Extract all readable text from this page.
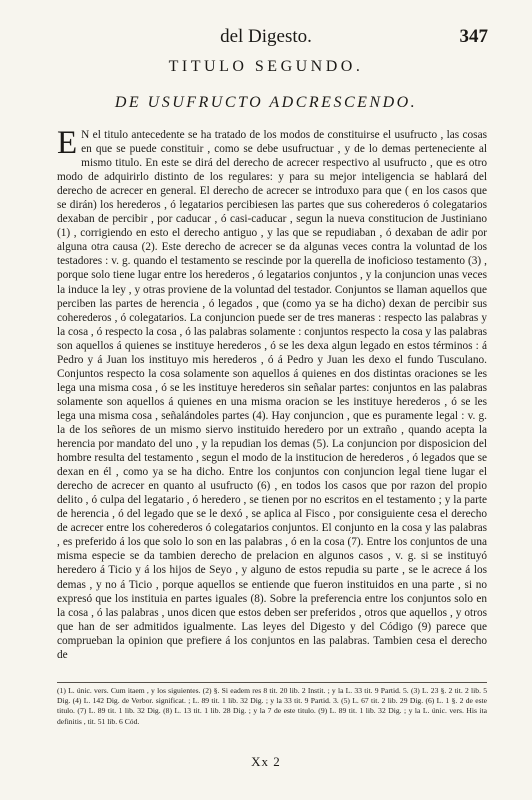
del Digesto.	347
TITULO SEGUNDO.
DE USUFRUCTO ADCRESCENDO.
E N el titulo antecedente se ha tratado de los modos de constituirse el usufructo , las cosas en que se puede constituir , como se debe usufructuar , y de lo demas perteneciente al mismo titulo. En este se dirá del derecho de acrecer respectivo al usufructo , que es otro modo de adquirirlo distinto de los regulares: y para su mejor inteligencia se hablará del derecho de acrecer en general. El derecho de acrecer se introduxo para que ( en los casos que se dirán) los herederos , ó legatarios percibiesen las partes que sus coherederos ó colegatarios dexaban de percibir , por caducar , ó casi-caducar , segun la nueva constitucion de Justiniano (1) , corrigiendo en esto el derecho antiguo , y las que se repudiaban , ó dexaban de adir por alguna otra causa (2). Este derecho de acrecer se da algunas veces contra la voluntad de los testadores : v. g. quando el testamento se rescinde por la querella de inoficioso testamento (3) , porque solo tiene lugar entre los herederos , ó legatarios conjuntos , y la conjuncion unas veces la induce la ley , y otras proviene de la voluntad del testador. Conjuntos se llaman aquellos que perciben las partes de herencia , ó legados , que (como ya se ha dicho) dexan de percibir sus coherederos , ó colegatarios. La conjuncion puede ser de tres maneras : respecto las palabras y la cosa , ó respecto la cosa , ó las palabras solamente : conjuntos respecto la cosa y las palabras son aquellos á quienes se instituye herederos , ó se les dexa algun legado en estos términos : á Pedro y á Juan los instituyo mis herederos , ó á Pedro y Juan les dexo el fundo Tusculano. Conjuntos respecto la cosa solamente son aquellos á quienes en dos distintas oraciones se les lega una misma cosa , ó se les instituye herederos sin señalar partes: conjuntos en las palabras solamente son aquellos á quienes en una misma oracion se les instituye herederos , ó se les lega una misma cosa , señalándoles partes (4). Hay conjuncion , que es puramente legal : v. g. la de los señores de un mismo siervo instituido heredero por un extraño , quando acepta la herencia por mandato del uno , y la repudian los demas (5). La conjuncion por disposicion del hombre resulta del testamento , segun el modo de la institucion de herederos , ó legados que se dexan en él , como ya se ha dicho. Entre los conjuntos con conjuncion legal tiene lugar el derecho de acrecer en quanto al usufructo (6) , en todos los casos que por razon del propio delito , ó culpa del legatario , ó heredero , se tienen por no escritos en el testamento ; y la parte de herencia , ó del legado que se le dexó , se aplica al Fisco , por consiguiente cesa el derecho de acrecer entre los coherederos ó colegatarios conjuntos. El conjunto en la cosa y las palabras , es preferido á los que solo lo son en las palabras , ó en la cosa (7). Entre los conjuntos de una misma especie se da tambien derecho de prelacion en algunos casos , v. g. si se instituyó heredero á Ticio y á los hijos de Seyo , y alguno de estos repudia su parte , se le acrece á los demas , y no á Ticio , porque aquellos se entiende que fueron instituidos en una parte , si no expresó que los instituia en partes iguales (8). Sobre la preferencia entre los conjuntos solo en la cosa , ó las palabras , unos dicen que estos deben ser preferidos , otros que aquellos , y otros que han de ser admitidos igualmente. Las leyes del Digesto y del Código (9) parece que comprueban la opinion que prefiere á los conjuntos en las palabras. Tambien cesa el derecho de
(1) L. únic. vers. Cum itaem , y los siguientes. (2) §. Si eadem res 8 tit. 20 lib. 2 Instit. ; y la L. 33 tit. 9 Partid. 5. (3) L. 23 §. 2 tit. 2 lib. 5 Dig. (4) L. 142 Dig. de Verbor. significat. ; L. 89 tit. 1 lib. 32 Dig. ; y la 33 tit. 9 Partid. 3. (5) L. 67 tit. 2 lib. 29 Dig. (6) L. 1 §. 2 de este titulo. (7) L. 89 tit. 1 lib. 32 Dig. (8) L. 13 tit. 1 lib. 28 Dig. ; y la 7 de este titulo. (9) L. 89 tit. 1 lib. 32 Dig. ; y la L. únic. vers. His ita definitis , tit. 51 lib. 6 Cód.
Xx 2
